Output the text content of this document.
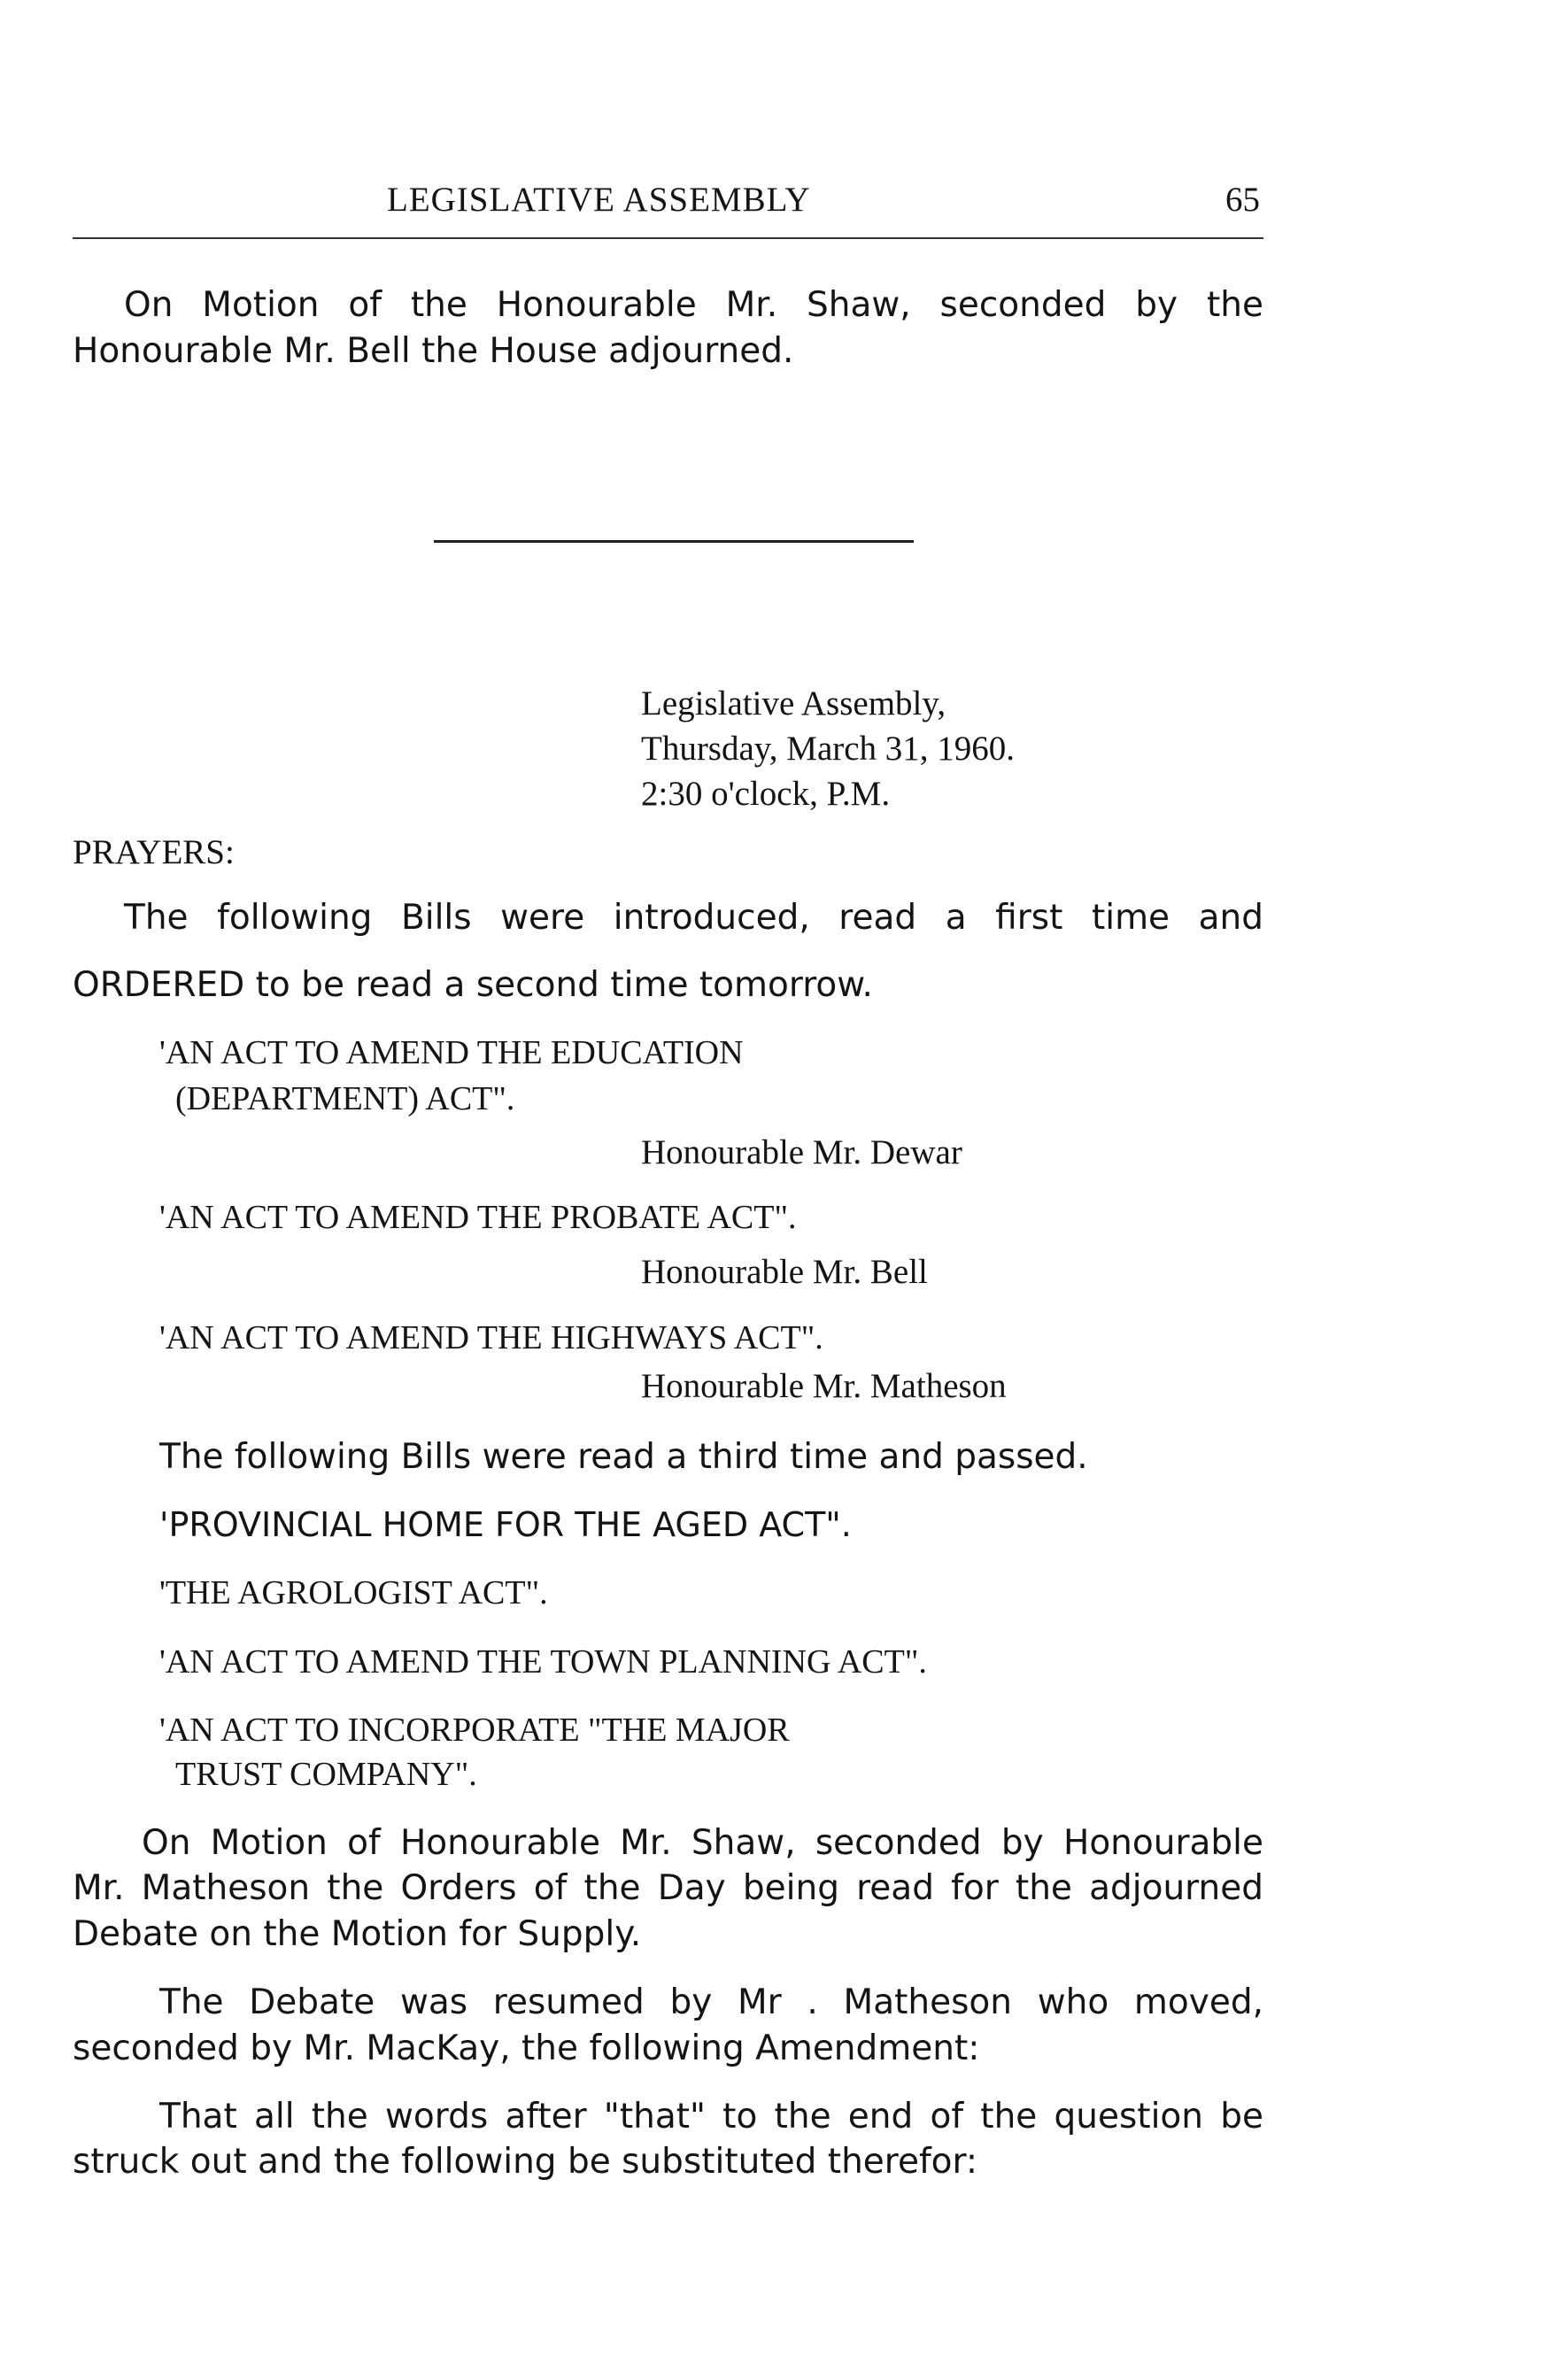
LEGISLATIVE ASSEMBLY	65
On Motion of the Honourable Mr. Shaw, seconded by the
Honourable Mr. Bell the House adjourned.
Legislative Assembly,
Thursday, March 31, 1960.
2:30 o'clock, P.M.
PRAYERS:
The following Bills were introduced, read a first time and
ORDERED to be read a second time tomorrow.
'AN ACT TO AMEND THE EDUCATION
(DEPARTMENT) ACT".
Honourable Mr. Dewar
'AN ACT TO AMEND THE PROBATE ACT".
Honourable Mr. Bell
'AN ACT TO AMEND THE HIGHWAYS ACT".
Honourable Mr. Matheson
The following Bills were read a third time and passed.
'PROVINCIAL HOME FOR THE AGED ACT".
'THE AGROLOGIST ACT".
'AN ACT TO AMEND THE TOWN PLANNING ACT".
'AN ACT TO INCORPORATE "THE MAJOR
TRUST COMPANY".
On Motion of Honourable Mr. Shaw, seconded by Honourable
Mr. Matheson the Orders of the Day being read for the adjourned
Debate on the Motion for Supply.
The Debate was resumed by Mr . Matheson who moved,
seconded by Mr. MacKay, the following Amendment:
That all the words after "that" to the end of the question be
struck out and the following be substituted therefor:
